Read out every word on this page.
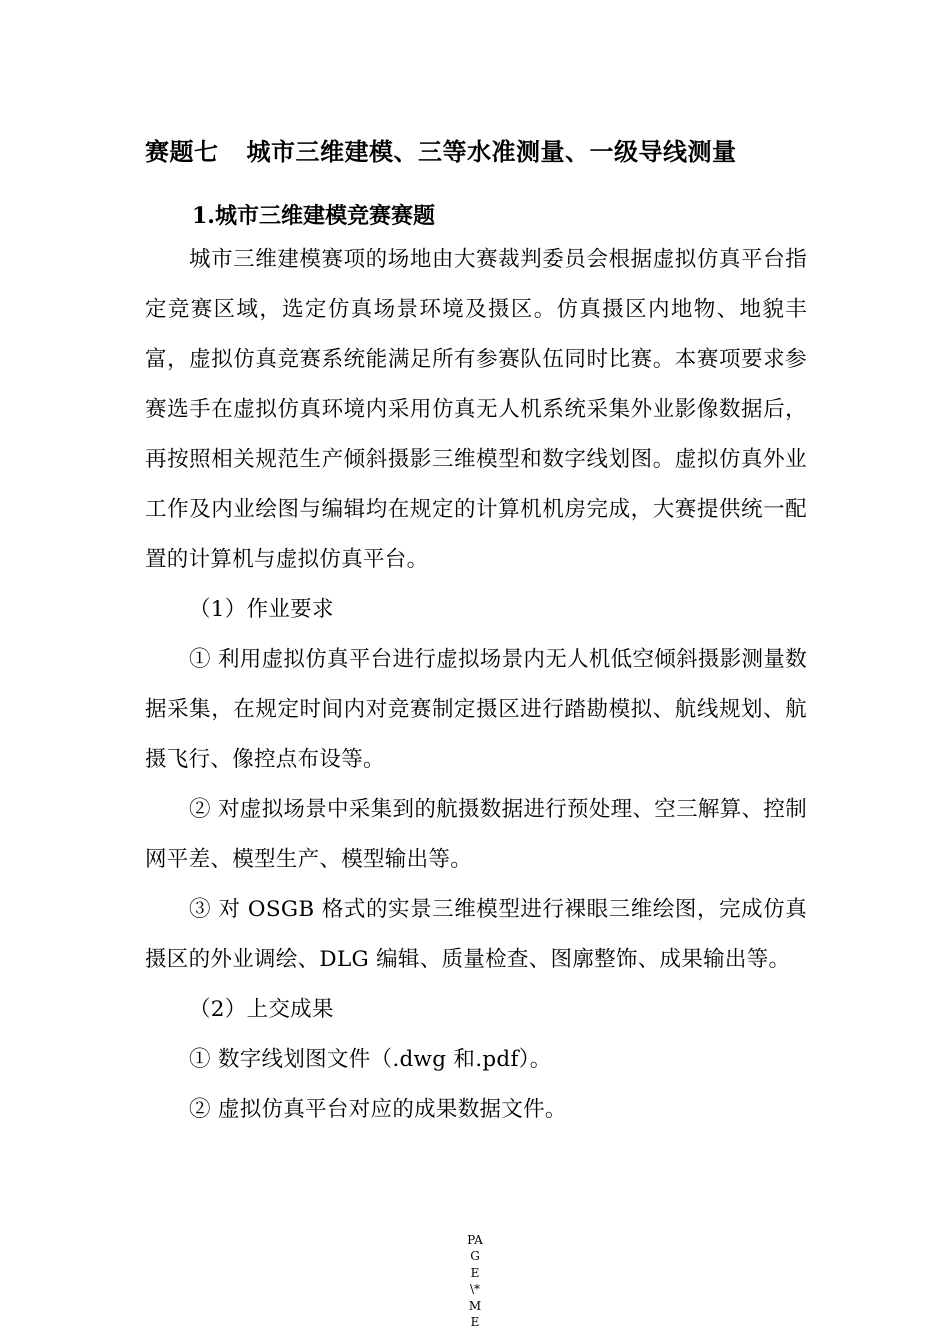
赛题七 城市三维建模、三等水准测量、一级导线测量
1.城市三维建模竞赛赛题

城市三维建模赛项的场地由大赛裁判委员会根据虚拟仿真平台指定竞赛区域，选定仿真场景环境及摄区。仿真摄区内地物、地貌丰富，虚拟仿真竞赛系统能满足所有参赛队伍同时比赛。本赛项要求参赛选手在虚拟仿真环境内采用仿真无人机系统采集外业影像数据后，再按照相关规范生产倾斜摄影三维模型和数字线划图。虚拟仿真外业工作及内业绘图与编辑均在规定的计算机机房完成，大赛提供统一配置的计算机与虚拟仿真平台。

（1）作业要求

① 利用虚拟仿真平台进行虚拟场景内无人机低空倾斜摄影测量数据采集，在规定时间内对竞赛制定摄区进行踏勘模拟、航线规划、航摄飞行、像控点布设等。

② 对虚拟场景中采集到的航摄数据进行预处理、空三解算、控制网平差、模型生产、模型输出等。

③ 对 OSGB 格式的实景三维模型进行裸眼三维绘图，完成仿真摄区的外业调绘、DLG 编辑、质量检查、图廓整饰、成果输出等。

（2）上交成果

① 数字线划图文件（.dwg 和.pdf）。

② 虚拟仿真平台对应的成果数据文件。

PAGE\*ME
